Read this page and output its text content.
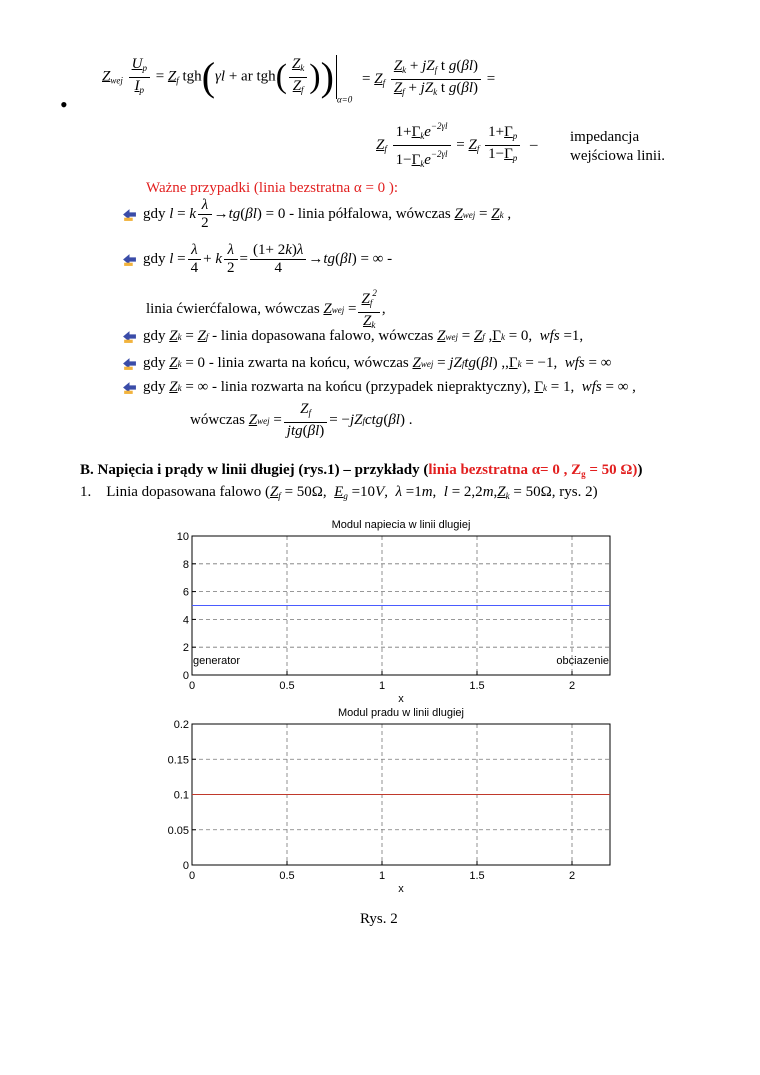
•
$Z_{wej} \frac{U_p}{I_p} = Z_f$ tgh(γl + ar $tgh( \frac{Z_k}{Z_f} ))_{\alpha=0}$
= $Z_f \frac{Z_k + jZ_f t g(\beta l)}{Z_f + jZ_k t g(\beta l)}$ =
$Z_f \frac{1+\Gamma_ke^{-2\gamma l}}{1-\Gamma_ke^{-2\gamma l}} = Z_f \frac{1+\Gamma_p}{1-\Gamma_p}$ – impedancja
wejściowa linii.
Ważne przypadki (linia bezstratna α = 0 ):
gdy
l = k $\frac{\lambda}{2}$ → tg ( βl ) = 0 - linia półfalowa, wówczas
Z wej = Z k ,
gdy
$l = \frac{\lambda}{4} + k \frac{\lambda}{2} = \frac{(1+ 2k)\lambda}{4}$ → tg ( βl ) = ∞ -
linia ćwierćfalowa, wówczas
Z wej = $\frac{Z_f^2}{Z_k}$ ,
gdy
Z k = Z f
- linia dopasowana falowo, wówczas
Z wej = Z f , Γ k = 0, wfs =1,
gdy
Z k = 0 - linia zwarta na końcu, wówczas
Z wej = jZ f tg ( βl ) ,, Γ k = −1, wfs = ∞
gdy
Z k = ∞ - linia rozwarta na końcu (przypadek niepraktyczny),
Γ k = 1, wfs = ∞ ,
wówczas
Z wej = $\frac{Z_f}{\text{jtg(βl)}}$ = − jZ f ctg ( βl ) .
B. Napięcia i prądy w linii długiej (rys.1) – przykłady (linia bezstratna α= 0 , $Z_g = 50$ Ω))
1. Linia dopasowana falowo ($Z_f = 50\Omega$,  $E_g =10V$,  λ =1m,  $l = 2,2m,Z_k = 50\Omega$, rys. 2)
0	0.5	1	1.5	2
0
2
4
6
8
10
Modul napiecia w linii dlugiej
x
generator	obciazenie
0	0.5	1	1.5	2
0
0.05
0.1
0.15
0.2
Modul pradu w linii dlugiej
x
Rys. 2
